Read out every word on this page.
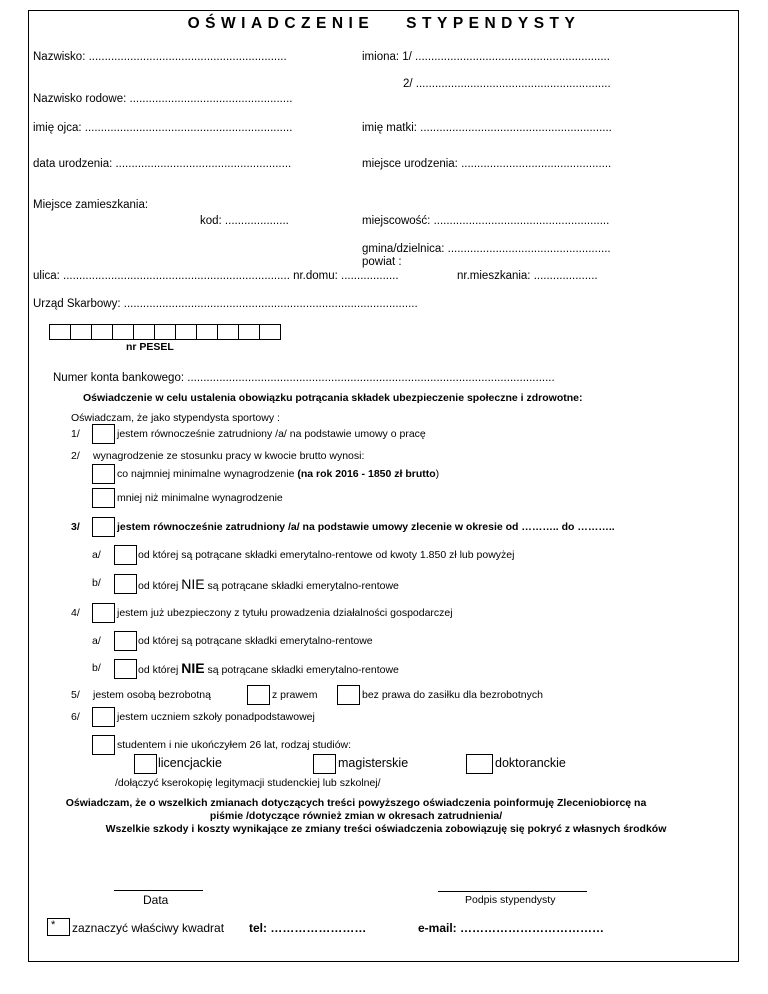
OŚWIADCZENIE STYPENDYSTY
Nazwisko: ..............................................................	imiona: 1/ .............................................................
2/ .............................................................
Nazwisko rodowe: ...................................................
imię ojca: .................................................................	imię matki: ............................................................
data urodzenia: .......................................................	miejsce urodzenia: ...............................................
Miejsce zamieszkania:
kod: ....................	miejscowość: .......................................................
gmina/dzielnica: ...................................................
powiat :
ulica: ....................................................................... nr.domu: ..................	nr.mieszkania: ....................
Urząd Skarbowy: ............................................................................................
nr PESEL
Numer konta bankowego: ...................................................................................................................
Oświadczenie w celu ustalenia obowiązku potrącania składek ubezpieczenie społeczne i zdrowotne:
Oświadczam, że jako stypendysta sportowy :
1/	jestem równocześnie zatrudniony /a/ na podstawie umowy o pracę
2/ wynagrodzenie ze stosunku pracy w kwocie brutto wynosi:
co najmniej minimalne wynagrodzenie (na rok 2016 - 1850 zł brutto)
mniej niż minimalne wynagrodzenie
3/	jestem równocześnie zatrudniony /a/ na podstawie umowy zlecenie w okresie od ……….. do ………..
a/	od której są potrącane składki emerytalno-rentowe od kwoty 1.850 zł lub powyżej
b/	od której NIE są potrącane składki emerytalno-rentowe
4/	jestem już ubezpieczony z tytułu prowadzenia działalności gospodarczej
a/	od której są potrącane składki emerytalno-rentowe
b/	od której NIE są potrącane składki emerytalno-rentowe
5/ jestem osobą bezrobotną	z prawem	bez prawa do zasiłku dla bezrobotnych
6/	jestem uczniem szkoły ponadpodstawowej
studentem i nie ukończyłem 26 lat, rodzaj studiów:
licencjackie	magisterskie	doktoranckie
/dołączyć kserokopię legitymacji studenckiej lub szkolnej/
Oświadczam, że o wszelkich zmianach dotyczących treści powyższego oświadczenia poinformuję Zleceniobiorcę na
piśmie /dotyczące również zmian w okresach zatrudnienia/
Wszelkie szkody i koszty wynikające ze zmiany treści oświadczenia zobowiązuję się pokryć z własnych środków
Data	Podpis stypendysty
*	zaznaczyć właściwy kwadrat tel: ……………………	e-mail: ………………………………
